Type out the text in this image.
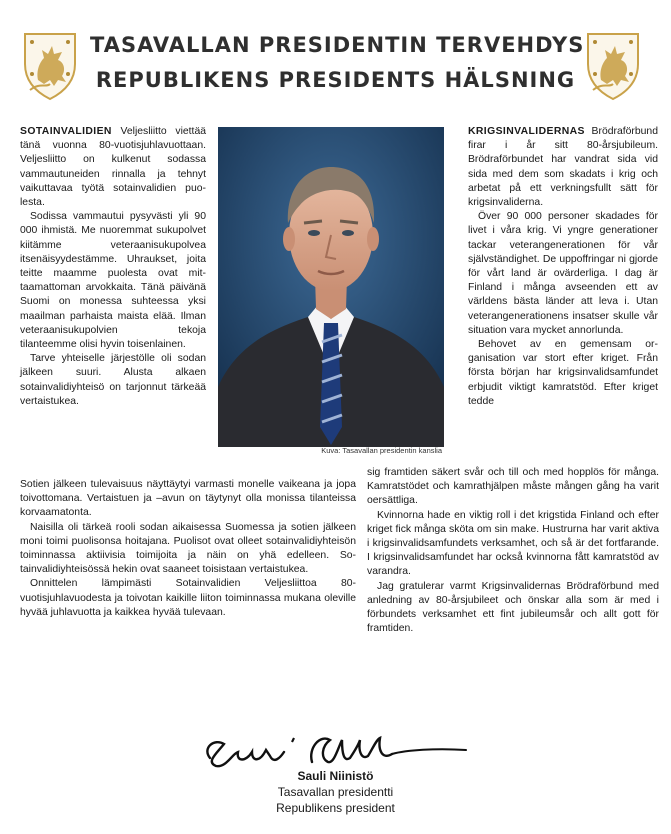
TASAVALLAN PRESIDENTIN TERVEHDYS
REPUBLIKENS PRESIDENTS HÄLSNING

SOTAINVALIDIEN Veljesliitto viettää tänä vuonna 80-vuotisjuhlavuottaan. Veljesliitto on kulkenut sodassa vammautuneiden rinnalla ja tehnyt vaikuttavaa työtä sotainvalidien puolesta.

Sodissa vammautui pysyvästi yli 90 000 ihmistä. Me nuoremmat sukupolvet kiitämme veteraanisukupolvea itsenäisyydestämme. Uhraukset, joita teitte maamme puolesta ovat mittaamattoman arvokkaita. Tänä päivänä Suomi on monessa suhteessa yksi maailman parhaista maista elää. Ilman veteraanisukupolvien tekoja tilanteemme olisi hyvin toisenlainen.

Tarve yhteiselle järjestölle oli sodan jälkeen suuri. Alusta alkaen sotainvalidiyhteisö on tarjonnut tärkeää vertaistukea.

Kuva: Tasavallan presidentin kanslia

KRIGSINVALIDERNAS Brödraförbund firar i år sitt 80-årsjubileum. Brödraförbundet har vandrat sida vid sida med dem som skadats i krig och arbetat på ett verkningsfullt sätt för krigsinvaliderna.

Över 90 000 personer skadades för livet i våra krig. Vi yngre generationer tackar veterangenerationen för vår självständighet. De uppoffringar ni gjorde för vårt land är ovärderliga. I dag är Finland i många avseenden ett av världens bästa länder att leva i. Utan veterangenerationens insatser skulle vår situation vara mycket annorlunda.

Behovet av en gemensam organisation var stort efter kriget. Från första början har krigsinvalidsamfundet erbjudit viktigt kamratstöd. Efter kriget tedde

Sotien jälkeen tulevaisuus näyttäytyi varmasti monelle vaikeana ja jopa toivottomana. Vertaistuen ja –avun on täytynyt olla monissa tilanteissa korvaamatonta.

Naisilla oli tärkeä rooli sodan aikaisessa Suomessa ja sotien jälkeen moni toimi puolisonsa hoitajana. Puolisot ovat olleet sotainvalidiyhteisön toiminnassa aktiivisia toimijoita ja näin on yhä edelleen. Sotainvalidiyhteisössä hekin ovat saaneet toisistaan vertaistukea.

Onnittelen lämpimästi Sotainvalidien Veljesliittoa 80-vuotisjuhlavuodesta ja toivotan kaikille liiton toiminnassa mukana oleville hyvää juhlavuotta ja kaikkea hyvää tulevaan.

sig framtiden säkert svår och till och med hopplös för många. Kamratstödet och kamrathjälpen måste mången gång ha varit oersättliga.

Kvinnorna hade en viktig roll i det krigstida Finland och efter kriget fick många sköta om sin make. Hustrurna har varit aktiva i krigsinvalidsamfundets verksamhet, och så är det fortfarande. I krigsinvalidsamfundet har också kvinnorna fått kamratstöd av varandra.

Jag gratulerar varmt Krigsinvalidernas Brödraförbund med anledning av 80-årsjubileet och önskar alla som är med i förbundets verksamhet ett fint jubileumsår och allt gott för framtiden.

Sauli Niinistö
Tasavallan presidentti
Republikens president
